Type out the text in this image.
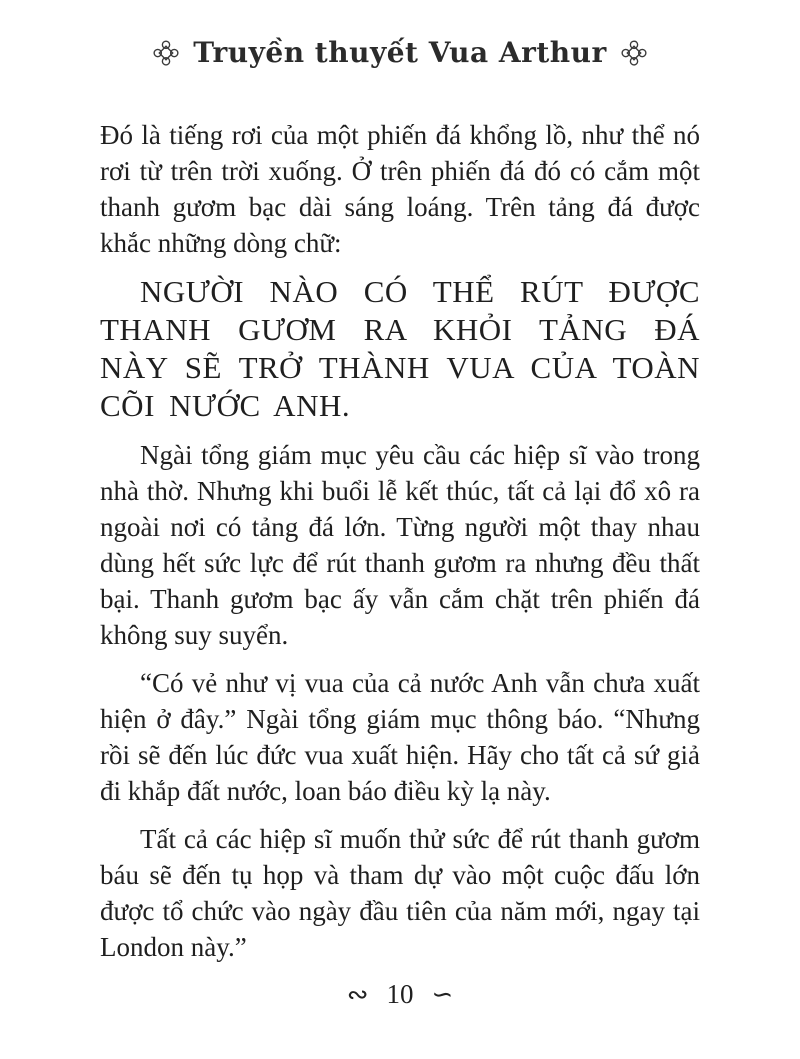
Truyền thuyết Vua Arthur

Đó là tiếng rơi của một phiến đá khổng lồ, như thể nó rơi từ trên trời xuống. Ở trên phiến đá đó có cắm một thanh gươm bạc dài sáng loáng. Trên tảng đá được khắc những dòng chữ:

NGƯỜI NÀO CÓ THỂ RÚT ĐƯỢC THANH GƯƠM RA KHỎI TẢNG ĐÁ NÀY SẼ TRỞ THÀNH VUA CỦA TOÀN CÕI NƯỚC ANH.

Ngài tổng giám mục yêu cầu các hiệp sĩ vào trong nhà thờ. Nhưng khi buổi lễ kết thúc, tất cả lại đổ xô ra ngoài nơi có tảng đá lớn. Từng người một thay nhau dùng hết sức lực để rút thanh gươm ra nhưng đều thất bại. Thanh gươm bạc ấy vẫn cắm chặt trên phiến đá không suy suyển.

“Có vẻ như vị vua của cả nước Anh vẫn chưa xuất hiện ở đây.” Ngài tổng giám mục thông báo. “Nhưng rồi sẽ đến lúc đức vua xuất hiện. Hãy cho tất cả sứ giả đi khắp đất nước, loan báo điều kỳ lạ này.

Tất cả các hiệp sĩ muốn thử sức để rút thanh gươm báu sẽ đến tụ họp và tham dự vào một cuộc đấu lớn được tổ chức vào ngày đầu tiên của năm mới, ngay tại London này.”

∾ 10 ∽
